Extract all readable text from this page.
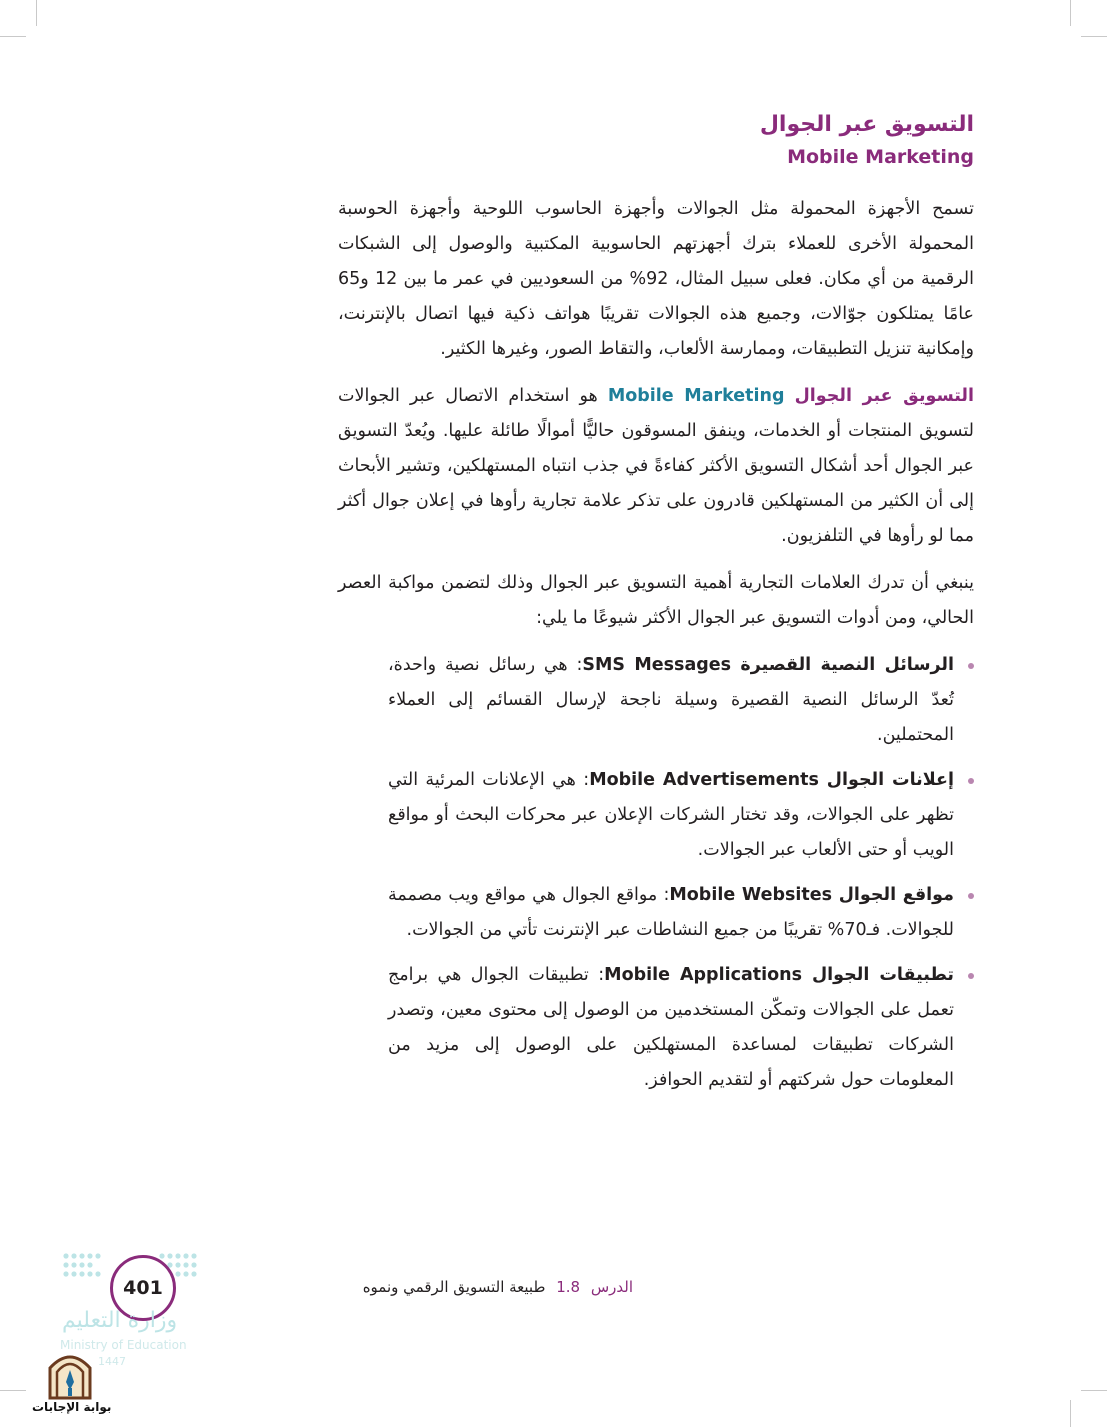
التسويق عبر الجوال
Mobile Marketing

تسمح الأجهزة المحمولة مثل الجوالات وأجهزة الحاسوب اللوحية وأجهزة الحوسبة المحمولة الأخرى للعملاء بترك أجهزتهم الحاسوبية المكتبية والوصول إلى الشبكات الرقمية من أي مكان. فعلى سبيل المثال، 92% من السعوديين في عمر ما بين 12 و65 عامًا يمتلكون جوّالات، وجميع هذه الجوالات تقريبًا هواتف ذكية فيها اتصال بالإنترنت، وإمكانية تنزيل التطبيقات، وممارسة الألعاب، والتقاط الصور، وغيرها الكثير.

التسويق عبر الجوال Mobile Marketing هو استخدام الاتصال عبر الجوالات لتسويق المنتجات أو الخدمات، وينفق المسوقون حاليًّا أموالًا طائلة عليها. ويُعدّ التسويق عبر الجوال أحد أشكال التسويق الأكثر كفاءةً في جذب انتباه المستهلكين، وتشير الأبحاث إلى أن الكثير من المستهلكين قادرون على تذكر علامة تجارية رأوها في إعلان جوال أكثر مما لو رأوها في التلفزيون.

ينبغي أن تدرك العلامات التجارية أهمية التسويق عبر الجوال وذلك لتضمن مواكبة العصر الحالي، ومن أدوات التسويق عبر الجوال الأكثر شيوعًا ما يلي:

الرسائل النصية القصيرة SMS Messages: هي رسائل نصية واحدة، تُعدّ الرسائل النصية القصيرة وسيلة ناجحة لإرسال القسائم إلى العملاء المحتملين.
إعلانات الجوال Mobile Advertisements: هي الإعلانات المرئية التي تظهر على الجوالات، وقد تختار الشركات الإعلان عبر محركات البحث أو مواقع الويب أو حتى الألعاب عبر الجوالات.
مواقع الجوال Mobile Websites: مواقع الجوال هي مواقع ويب مصممة للجوالات. فـ70% تقريبًا من جميع النشاطات عبر الإنترنت تأتي من الجوالات.
تطبيقات الجوال Mobile Applications: تطبيقات الجوال هي برامج تعمل على الجوالات وتمكّن المستخدمين من الوصول إلى محتوى معين، وتصدر الشركات تطبيقات لمساعدة المستهلكين على الوصول إلى مزيد من المعلومات حول شركتهم أو لتقديم الحوافز.
الدرس 1.8 طبيعة التسويق الرقمي ونموه
401
وزارة التعليم
Ministry of Education
1447
بوابة الإجابات
